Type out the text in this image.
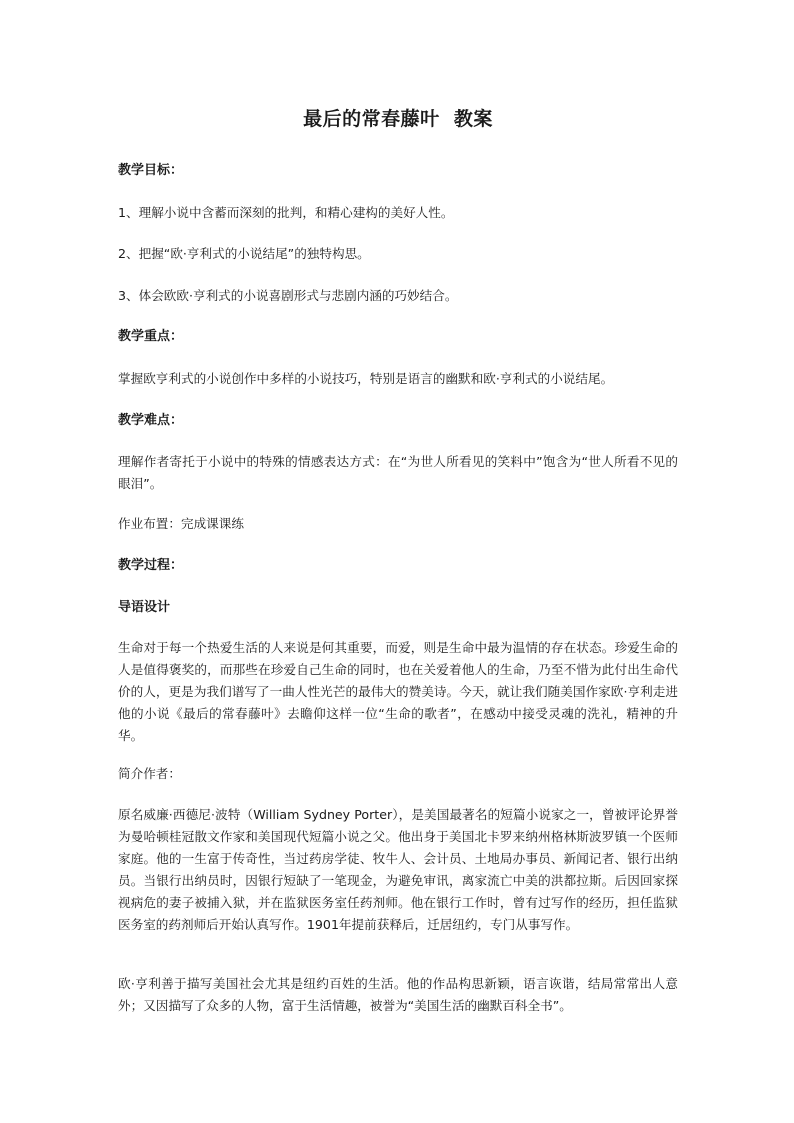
最后的常春藤叶  教案
教学目标：
1、理解小说中含蓄而深刻的批判，和精心建构的美好人性。
2、把握“欧·亨利式的小说结尾”的独特构思。
3、体会欧欧·亨利式的小说喜剧形式与悲剧内涵的巧妙结合。
教学重点：
掌握欧亨利式的小说创作中多样的小说技巧，特别是语言的幽默和欧·亨利式的小说结尾。
教学难点：
理解作者寄托于小说中的特殊的情感表达方式：在“为世人所看见的笑料中”饱含为“世人所看不见的眼泪”。
作业布置：完成课课练
教学过程：
导语设计
生命对于每一个热爱生活的人来说是何其重要，而爱，则是生命中最为温情的存在状态。珍爱生命的人是值得褒奖的，而那些在珍爱自己生命的同时，也在关爱着他人的生命，乃至不惜为此付出生命代价的人，更是为我们谱写了一曲人性光芒的最伟大的赞美诗。今天，就让我们随美国作家欧·亨利走进他的小说《最后的常春藤叶》去瞻仰这样一位“生命的歌者”，在感动中接受灵魂的洗礼，精神的升华。
简介作者：
原名威廉·西德尼·波特（William Sydney Porter），是美国最著名的短篇小说家之一，曾被评论界誉为曼哈顿桂冠散文作家和美国现代短篇小说之父。他出身于美国北卡罗来纳州格林斯波罗镇一个医师家庭。他的一生富于传奇性，当过药房学徒、牧牛人、会计员、土地局办事员、新闻记者、银行出纳员。当银行出纳员时，因银行短缺了一笔现金，为避免审讯，离家流亡中美的洪都拉斯。后因回家探视病危的妻子被捕入狱，并在监狱医务室任药剂师。他在银行工作时，曾有过写作的经历，担任监狱医务室的药剂师后开始认真写作。1901年提前获释后，迁居纽约，专门从事写作。
欧·亨利善于描写美国社会尤其是纽约百姓的生活。他的作品构思新颖，语言诙谐，结局常常出人意外；又因描写了众多的人物，富于生活情趣，被誉为“美国生活的幽默百科全书”。
